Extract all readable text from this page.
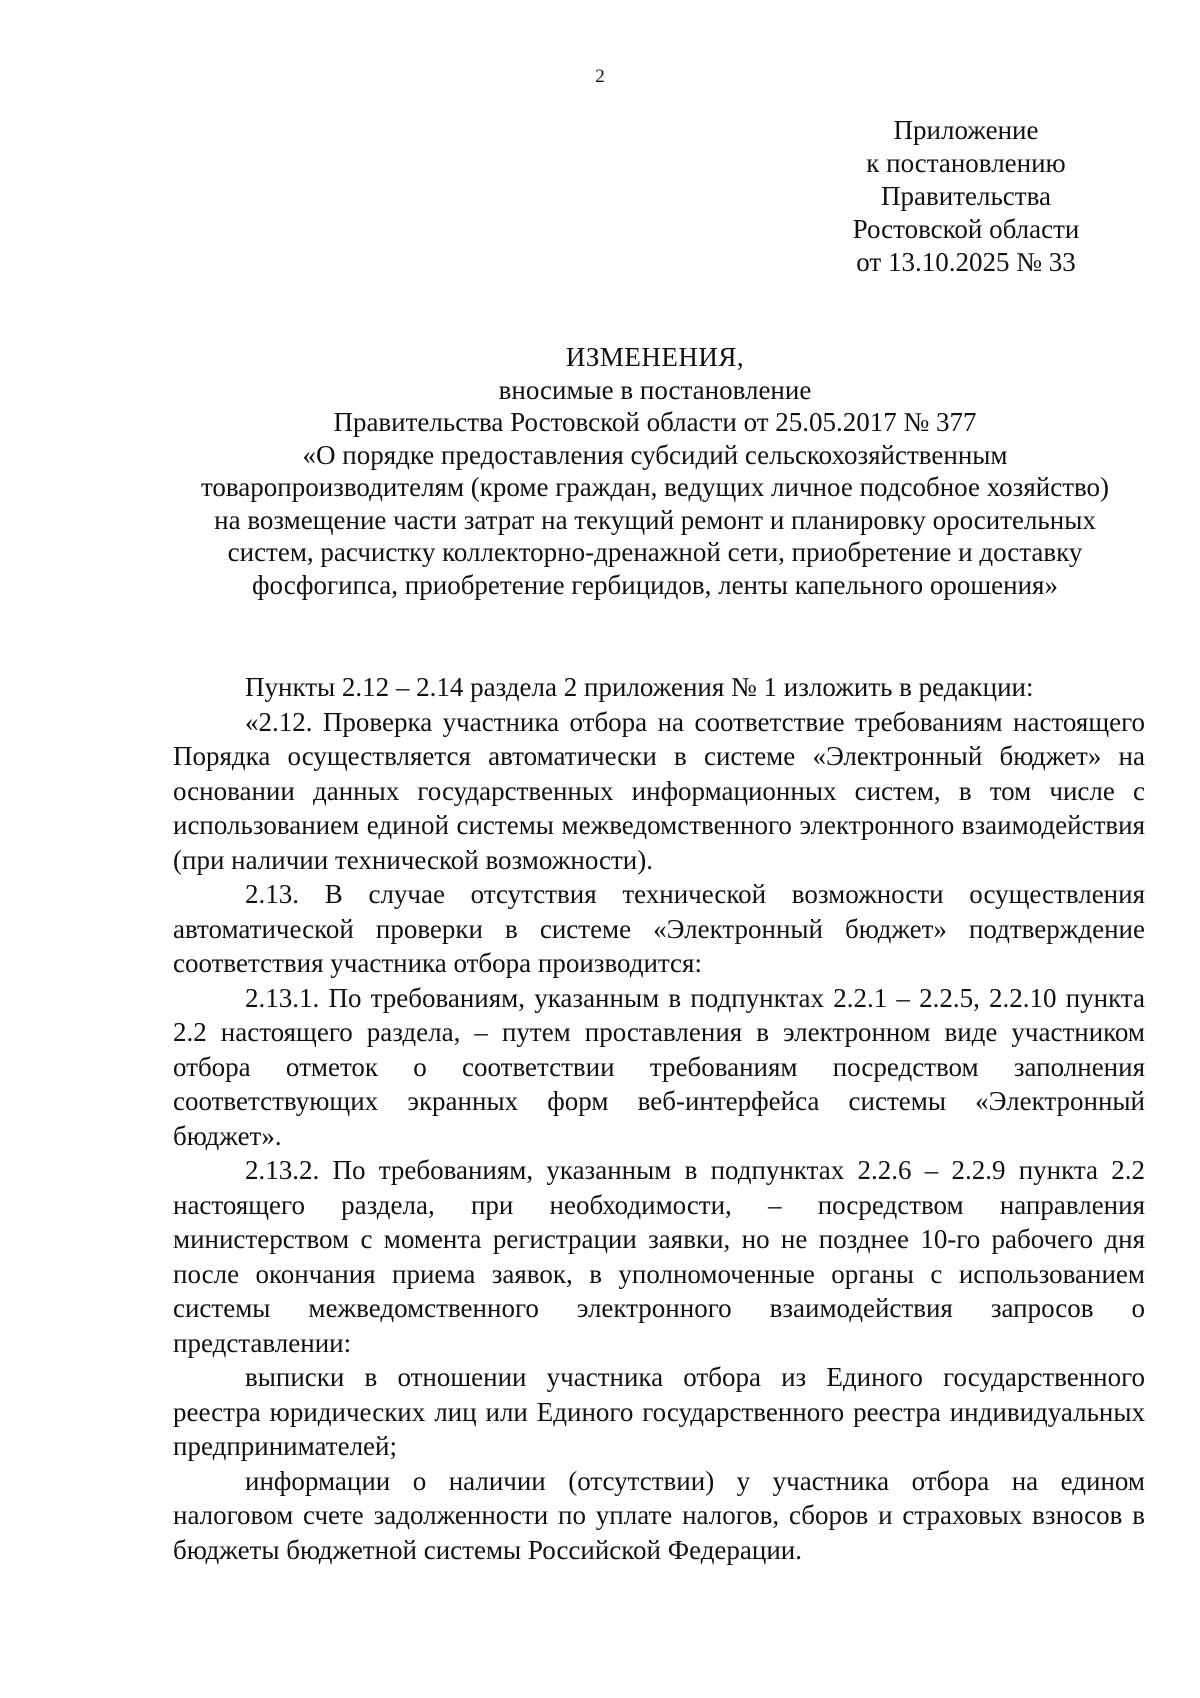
2
Приложение
к постановлению
Правительства
Ростовской области
от 13.10.2025 № 33
ИЗМЕНЕНИЯ,
вносимые в постановление
Правительства Ростовской области от 25.05.2017 № 377
«О порядке предоставления субсидий сельскохозяйственным
товаропроизводителям (кроме граждан, ведущих личное подсобное хозяйство)
на возмещение части затрат на текущий ремонт и планировку оросительных
систем, расчистку коллекторно-дренажной сети, приобретение и доставку
фосфогипса, приобретение гербицидов, ленты капельного орошения»

Пункты 2.12 – 2.14 раздела 2 приложения № 1 изложить в редакции:

«2.12. Проверка участника отбора на соответствие требованиям настоящего Порядка осуществляется автоматически в системе «Электронный бюджет» на основании данных государственных информационных систем, в том числе с использованием единой системы межведомственного электронного взаимодействия (при наличии технической возможности).

2.13. В случае отсутствия технической возможности осуществления автоматической проверки в системе «Электронный бюджет» подтверждение соответствия участника отбора производится:

2.13.1. По требованиям, указанным в подпунктах 2.2.1 – 2.2.5, 2.2.10 пункта 2.2 настоящего раздела, – путем проставления в электронном виде участником отбора отметок о соответствии требованиям посредством заполнения соответствующих экранных форм веб-интерфейса системы «Электронный бюджет».

2.13.2. По требованиям, указанным в подпунктах 2.2.6 – 2.2.9 пункта 2.2 настоящего раздела, при необходимости, – посредством направления министерством с момента регистрации заявки, но не позднее 10-го рабочего дня после окончания приема заявок, в уполномоченные органы с использованием системы межведомственного электронного взаимодействия запросов о представлении:

выписки в отношении участника отбора из Единого государственного реестра юридических лиц или Единого государственного реестра индивидуальных предпринимателей;

информации о наличии (отсутствии) у участника отбора на едином налоговом счете задолженности по уплате налогов, сборов и страховых взносов в бюджеты бюджетной системы Российской Федерации.
